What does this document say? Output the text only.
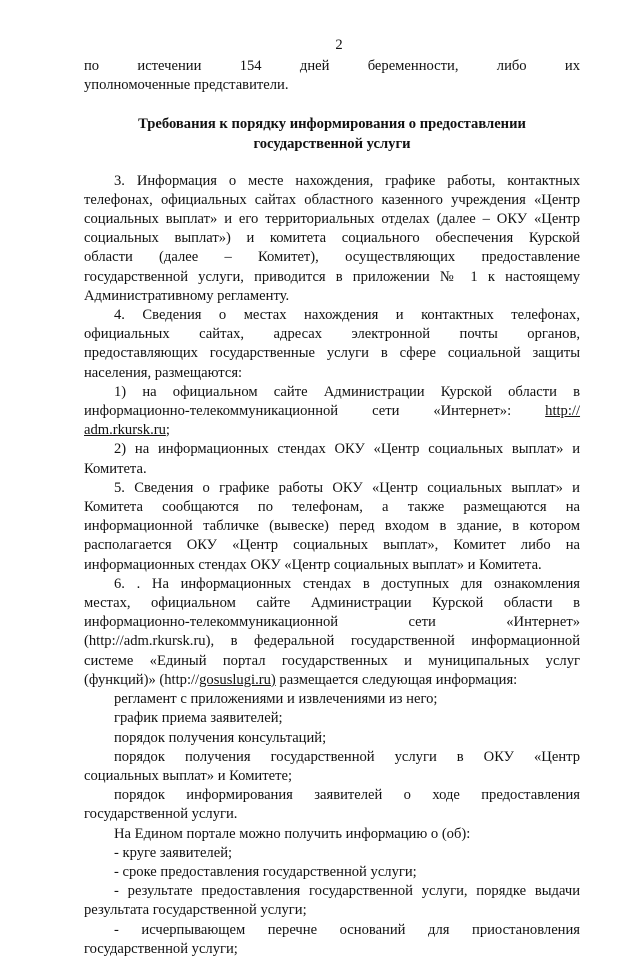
2

по истечении 154 дней беременности, либо их

уполномоченные представители.

Требования к порядку информирования о предоставлении
государственной услуги

3. Информация о месте нахождения, графике работы, контактных

телефонах, официальных сайтах областного казенного учреждения «Центр

социальных выплат» и его территориальных отделах (далее – ОКУ «Центр

социальных выплат») и комитета социального обеспечения Курской

области (далее – Комитет), осуществляющих предоставление

государственной услуги, приводится в приложении № 1 к настоящему

Административному регламенту.

4. Сведения о местах нахождения и контактных телефонах,

официальных сайтах, адресах электронной почты органов,

предоставляющих государственные услуги в сфере социальной защиты

населения, размещаются:

1) на официальном сайте Администрации Курской области в

информационно-телекоммуникационной сети «Интернет»: http://

adm.rkursk.ru;

2) на информационных стендах ОКУ «Центр социальных выплат» и

Комитета.

5. Сведения о графике работы ОКУ «Центр социальных выплат» и

Комитета сообщаются по телефонам, а также размещаются на

информационной табличке (вывеске) перед входом в здание, в котором

располагается ОКУ «Центр социальных выплат», Комитет либо на

информационных стендах ОКУ «Центр социальных выплат» и Комитета.

6. . На информационных стендах в доступных для ознакомления

местах, официальном сайте Администрации Курской области в

информационно-телекоммуникационной сети «Интернет»

(http://adm.rkursk.ru), в федеральной государственной информационной

системе «Единый портал государственных и муниципальных услуг

(функций)» (http://gosuslugi.ru) размещается следующая информация:

регламент с приложениями и извлечениями из него;

график приема заявителей;

порядок получения консультаций;

порядок получения государственной услуги в ОКУ «Центр

социальных выплат» и Комитете;

порядок информирования заявителей о ходе предоставления

государственной услуги.

На Едином портале можно получить информацию о (об):

- круге заявителей;

- сроке предоставления государственной услуги;

- результате предоставления государственной услуги, порядке выдачи

результата государственной услуги;

- исчерпывающем перечне оснований для приостановления

государственной услуги;
